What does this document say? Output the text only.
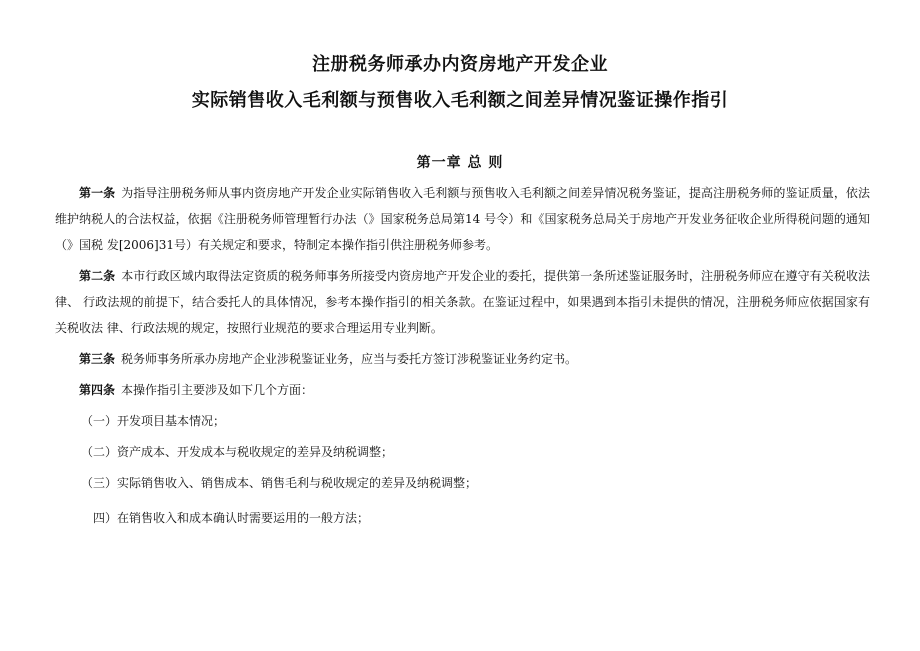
注册税务师承办内资房地产开发企业
实际销售收入毛利额与预售收入毛利额之间差异情况鉴证操作指引
第一章 总 则

第一条 为指导注册税务师从事内资房地产开发企业实际销售收入毛利额与预售收入毛利额之间差异情况税务鉴证，提高注册税务师的鉴证质量，依法维护纳税人的合法权益，依据《注册税务师管理暂行办法（》国家税务总局第14 号令）和《国家税务总局关于房地产开发业务征收企业所得税问题的通知（》国税 发[2006]31号）有关规定和要求，特制定本操作指引供注册税务师参考。

第二条 本市行政区域内取得法定资质的税务师事务所接受内资房地产开发企业的委托，提供第一条所述鉴证服务时，注册税务师应在遵守有关税收法律、 行政法规的前提下，结合委托人的具体情况，参考本操作指引的相关条款。在鉴证过程中，如果遇到本指引未提供的情况，注册税务师应依据国家有关税收法 律、行政法规的规定，按照行业规范的要求合理运用专业判断。

第三条 税务师事务所承办房地产企业涉税鉴证业务，应当与委托方签订涉税鉴证业务约定书。

第四条 本操作指引主要涉及如下几个方面：

（一）开发项目基本情况；

（二）资产成本、开发成本与税收规定的差异及纳税调整；

（三）实际销售收入、销售成本、销售毛利与税收规定的差异及纳税调整；

四）在销售收入和成本确认时需要运用的一般方法；
